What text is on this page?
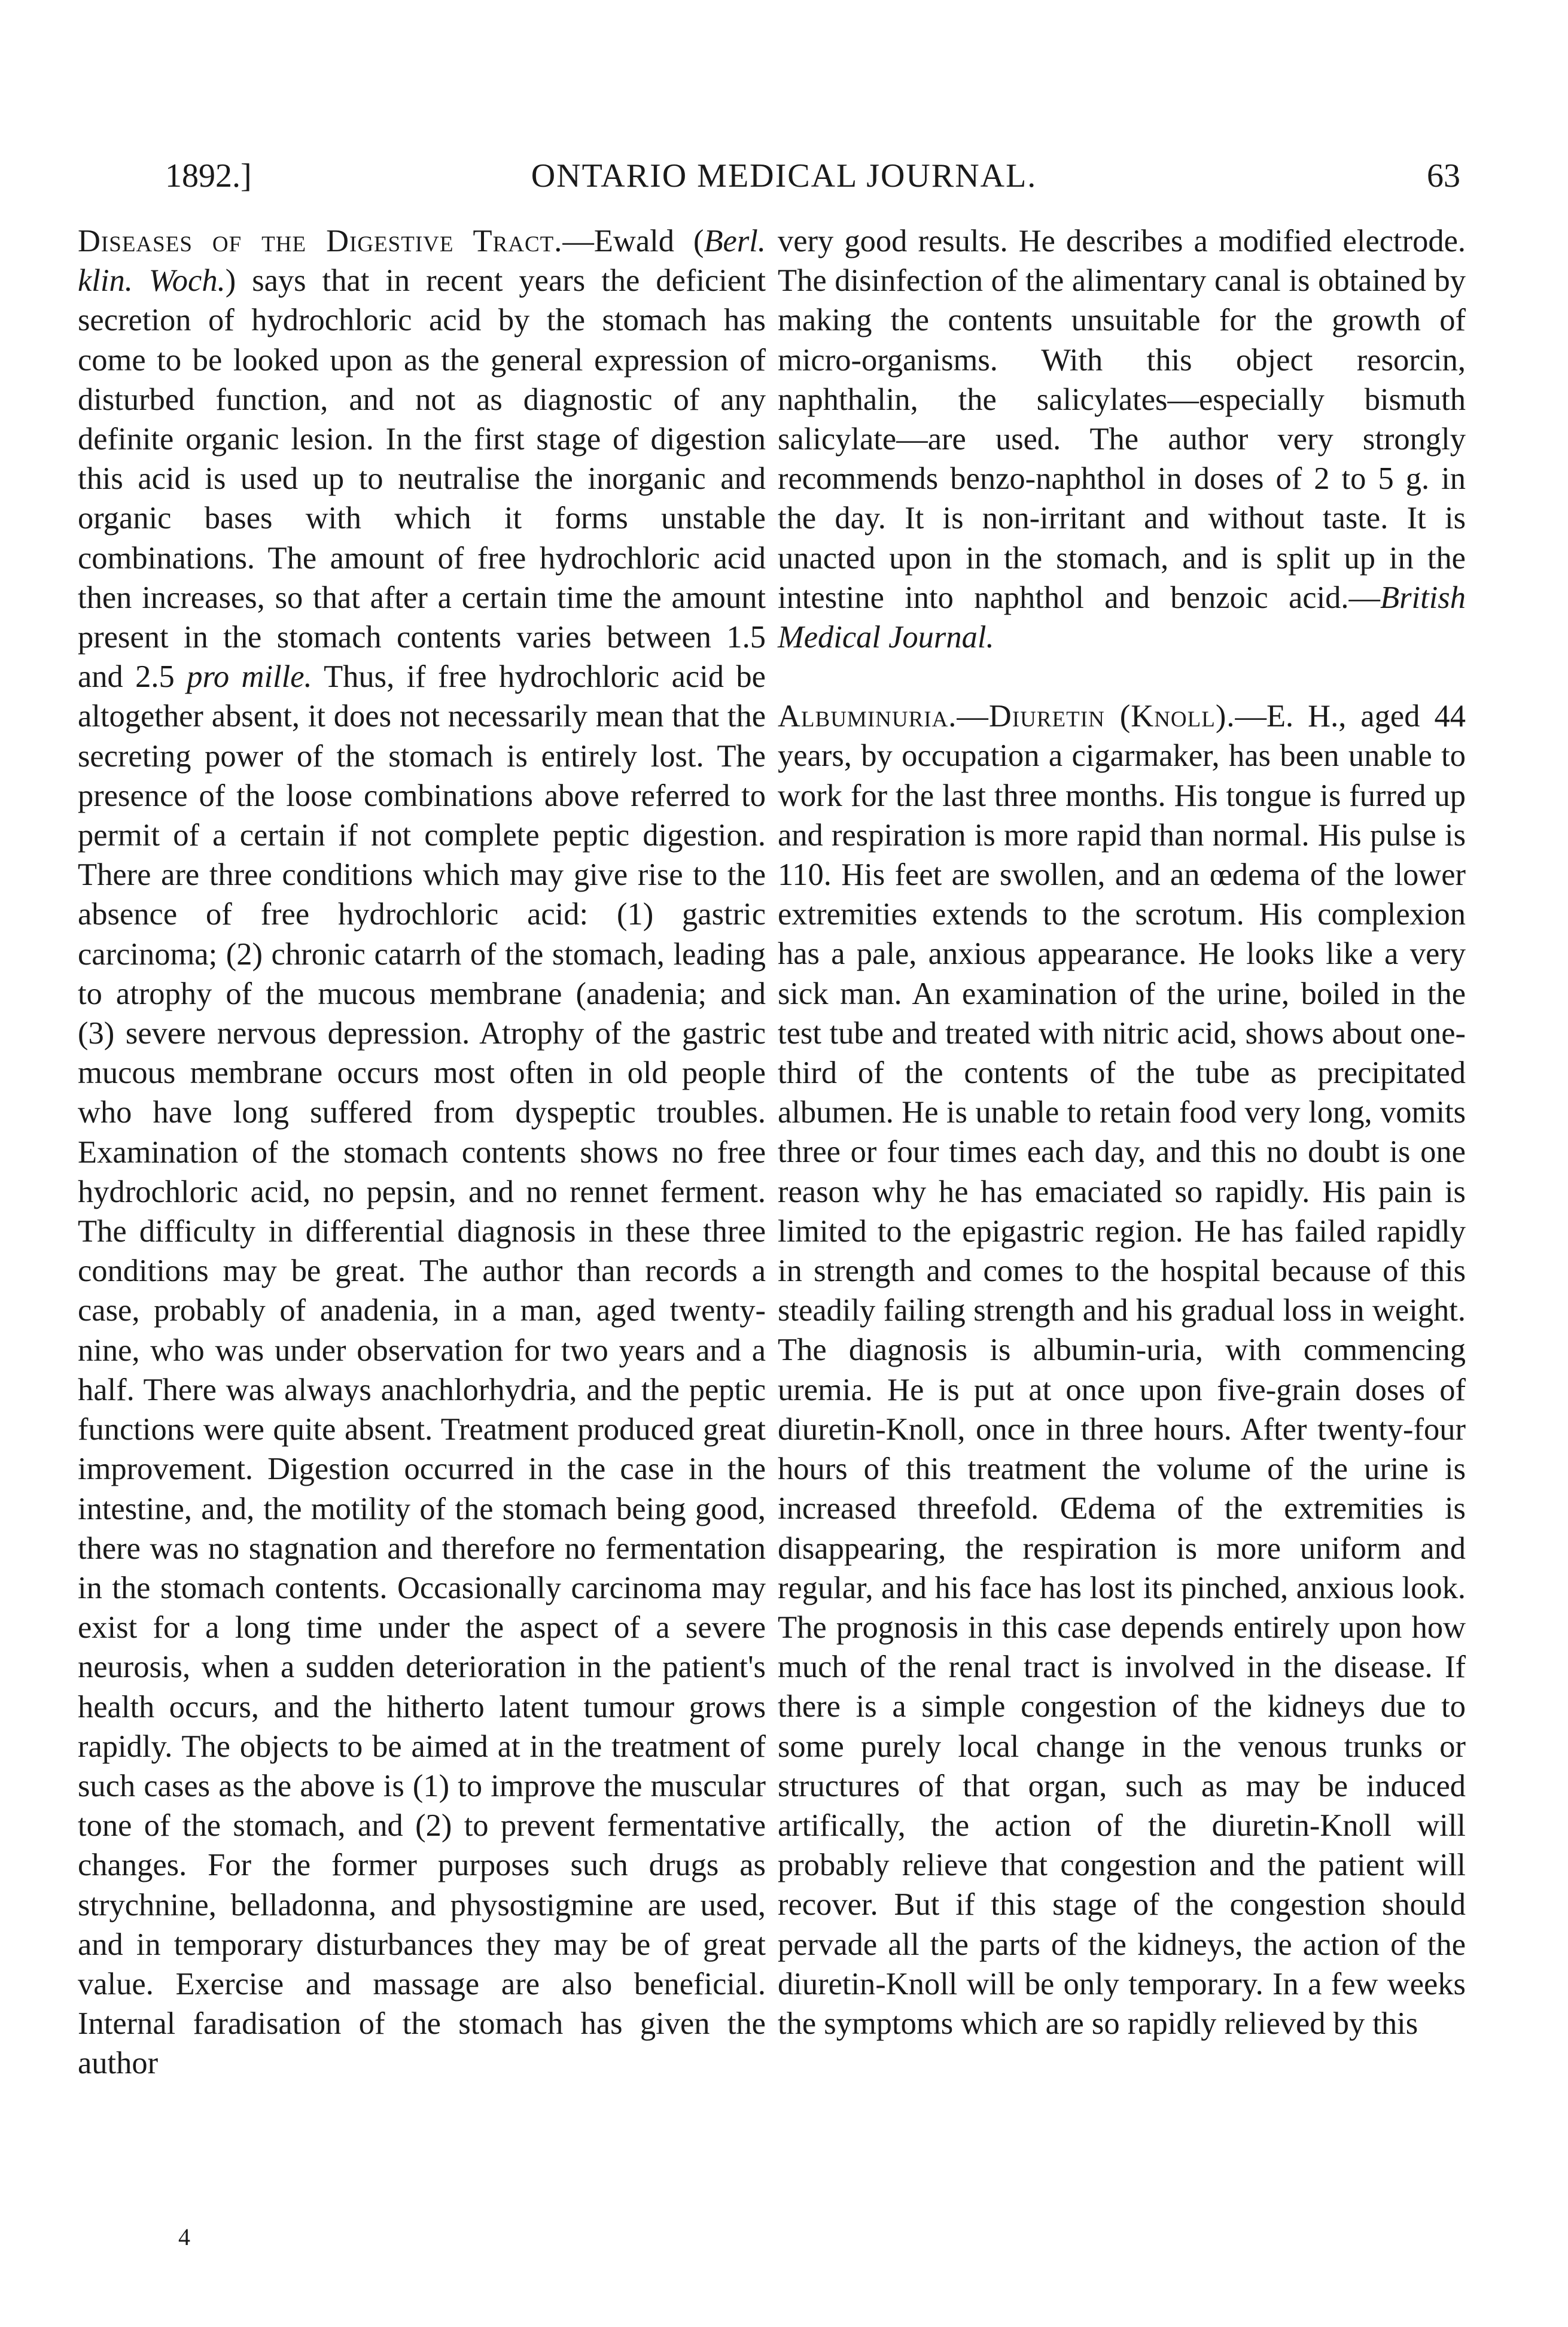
1892.]	ONTARIO MEDICAL JOURNAL.	63

Diseases of the Digestive Tract.—Ewald (Berl. klin. Woch.) says that in recent years the deficient secretion of hydrochloric acid by the stomach has come to be looked upon as the general expression of disturbed function, and not as diagnostic of any definite organic lesion. In the first stage of digestion this acid is used up to neutralise the inorganic and organic bases with which it forms unstable combinations. The amount of free hydrochloric acid then increases, so that after a certain time the amount present in the stomach contents varies between 1.5 and 2.5 pro mille. Thus, if free hydrochloric acid be altogether absent, it does not necessarily mean that the secreting power of the stomach is entirely lost. The presence of the loose combinations above referred to permit of a certain if not complete peptic digestion. There are three conditions which may give rise to the absence of free hydrochloric acid: (1) gastric carcinoma; (2) chronic catarrh of the stomach, leading to atrophy of the mucous membrane (anadenia; and (3) severe nervous depression. Atrophy of the gastric mucous membrane occurs most often in old people who have long suffered from dyspeptic troubles. Examination of the stomach contents shows no free hydrochloric acid, no pepsin, and no rennet ferment. The difficulty in differential diagnosis in these three conditions may be great. The author than records a case, probably of anadenia, in a man, aged twenty-nine, who was under observation for two years and a half. There was always anachlorhydria, and the peptic functions were quite absent. Treatment produced great improvement. Digestion occurred in the case in the intestine, and, the motility of the stomach being good, there was no stagnation and therefore no fermentation in the stomach contents. Occasionally carcinoma may exist for a long time under the aspect of a severe neurosis, when a sudden deterioration in the patient's health occurs, and the hitherto latent tumour grows rapidly. The objects to be aimed at in the treatment of such cases as the above is (1) to improve the muscular tone of the stomach, and (2) to prevent fermentative changes. For the former purposes such drugs as strychnine, belladonna, and physostigmine are used, and in temporary disturbances they may be of great value. Exercise and massage are also beneficial. Internal faradisation of the stomach has given the author

4

very good results. He describes a modified electrode. The disinfection of the alimentary canal is obtained by making the contents unsuitable for the growth of micro-organisms. With this object resorcin, naphthalin, the salicylates—especially bismuth salicylate—are used. The author very strongly recommends benzo-naphthol in doses of 2 to 5 g. in the day. It is non-irritant and without taste. It is unacted upon in the stomach, and is split up in the intestine into naphthol and benzoic acid.—British Medical Journal.

Albuminuria.—Diuretin (Knoll).—E. H., aged 44 years, by occupation a cigarmaker, has been unable to work for the last three months. His tongue is furred up and respiration is more rapid than normal. His pulse is 110. His feet are swollen, and an œdema of the lower extremities extends to the scrotum. His complexion has a pale, anxious appearance. He looks like a very sick man. An examination of the urine, boiled in the test tube and treated with nitric acid, shows about one-third of the contents of the tube as precipitated albumen. He is unable to retain food very long, vomits three or four times each day, and this no doubt is one reason why he has emaciated so rapidly. His pain is limited to the epigastric region. He has failed rapidly in strength and comes to the hospital because of this steadily failing strength and his gradual loss in weight. The diagnosis is albumin-uria, with commencing uremia. He is put at once upon five-grain doses of diuretin-Knoll, once in three hours. After twenty-four hours of this treatment the volume of the urine is increased threefold. Œdema of the extremities is disappearing, the respiration is more uniform and regular, and his face has lost its pinched, anxious look. The prognosis in this case depends entirely upon how much of the renal tract is involved in the disease. If there is a simple congestion of the kidneys due to some purely local change in the venous trunks or structures of that organ, such as may be induced artifically, the action of the diuretin-Knoll will probably relieve that congestion and the patient will recover. But if this stage of the congestion should pervade all the parts of the kidneys, the action of the diuretin-Knoll will be only temporary. In a few weeks the symptoms which are so rapidly relieved by this
